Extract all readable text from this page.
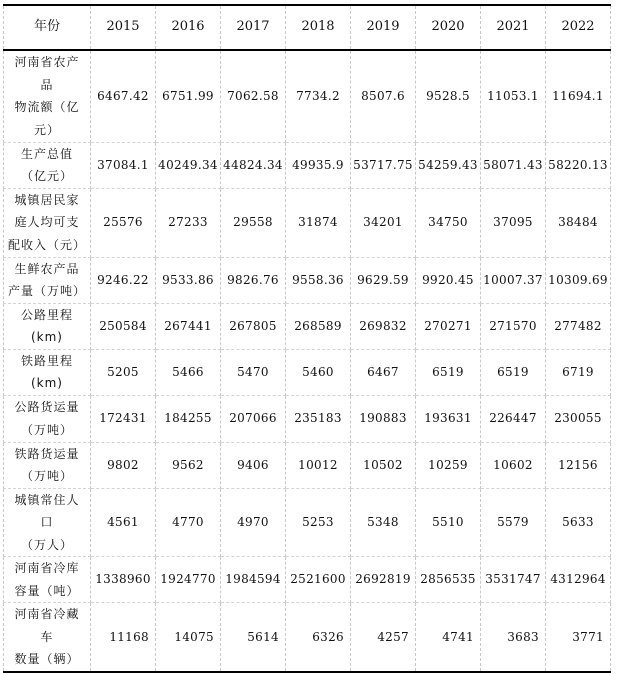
年份	2015	2016	2017	2018	2019	2020	2021	2022

河南省农产
品
物流额（亿
元）	6467.42	6751.99	7062.58	7734.2	8507.6	9528.5	11053.1	11694.1

生产总值
（亿元）	37084.1	40249.34	44824.34	49935.9	53717.75	54259.43	58071.43	58220.13

城镇居民家
庭人均可支
配收入（元）	25576	27233	29558	31874	34201	34750	37095	38484

生鲜农产品
产量（万吨）	9246.22	9533.86	9826.76	9558.36	9629.59	9920.45	10007.37	10309.69

公路里程
(km)	250584	267441	267805	268589	269832	270271	271570	277482

铁路里程
(km)	5205	5466	5470	5460	6467	6519	6519	6719

公路货运量
（万吨）	172431	184255	207066	235183	190883	193631	226447	230055

铁路货运量
（万吨）	9802	9562	9406	10012	10502	10259	10602	12156

城镇常住人
口
（万人）	4561	4770	4970	5253	5348	5510	5579	5633

河南省冷库
容量（吨）	1338960	1924770	1984594	2521600	2692819	2856535	3531747	4312964

河南省冷藏
车
数量（辆）	11168	14075	5614	6326	4257	4741	3683	3771
